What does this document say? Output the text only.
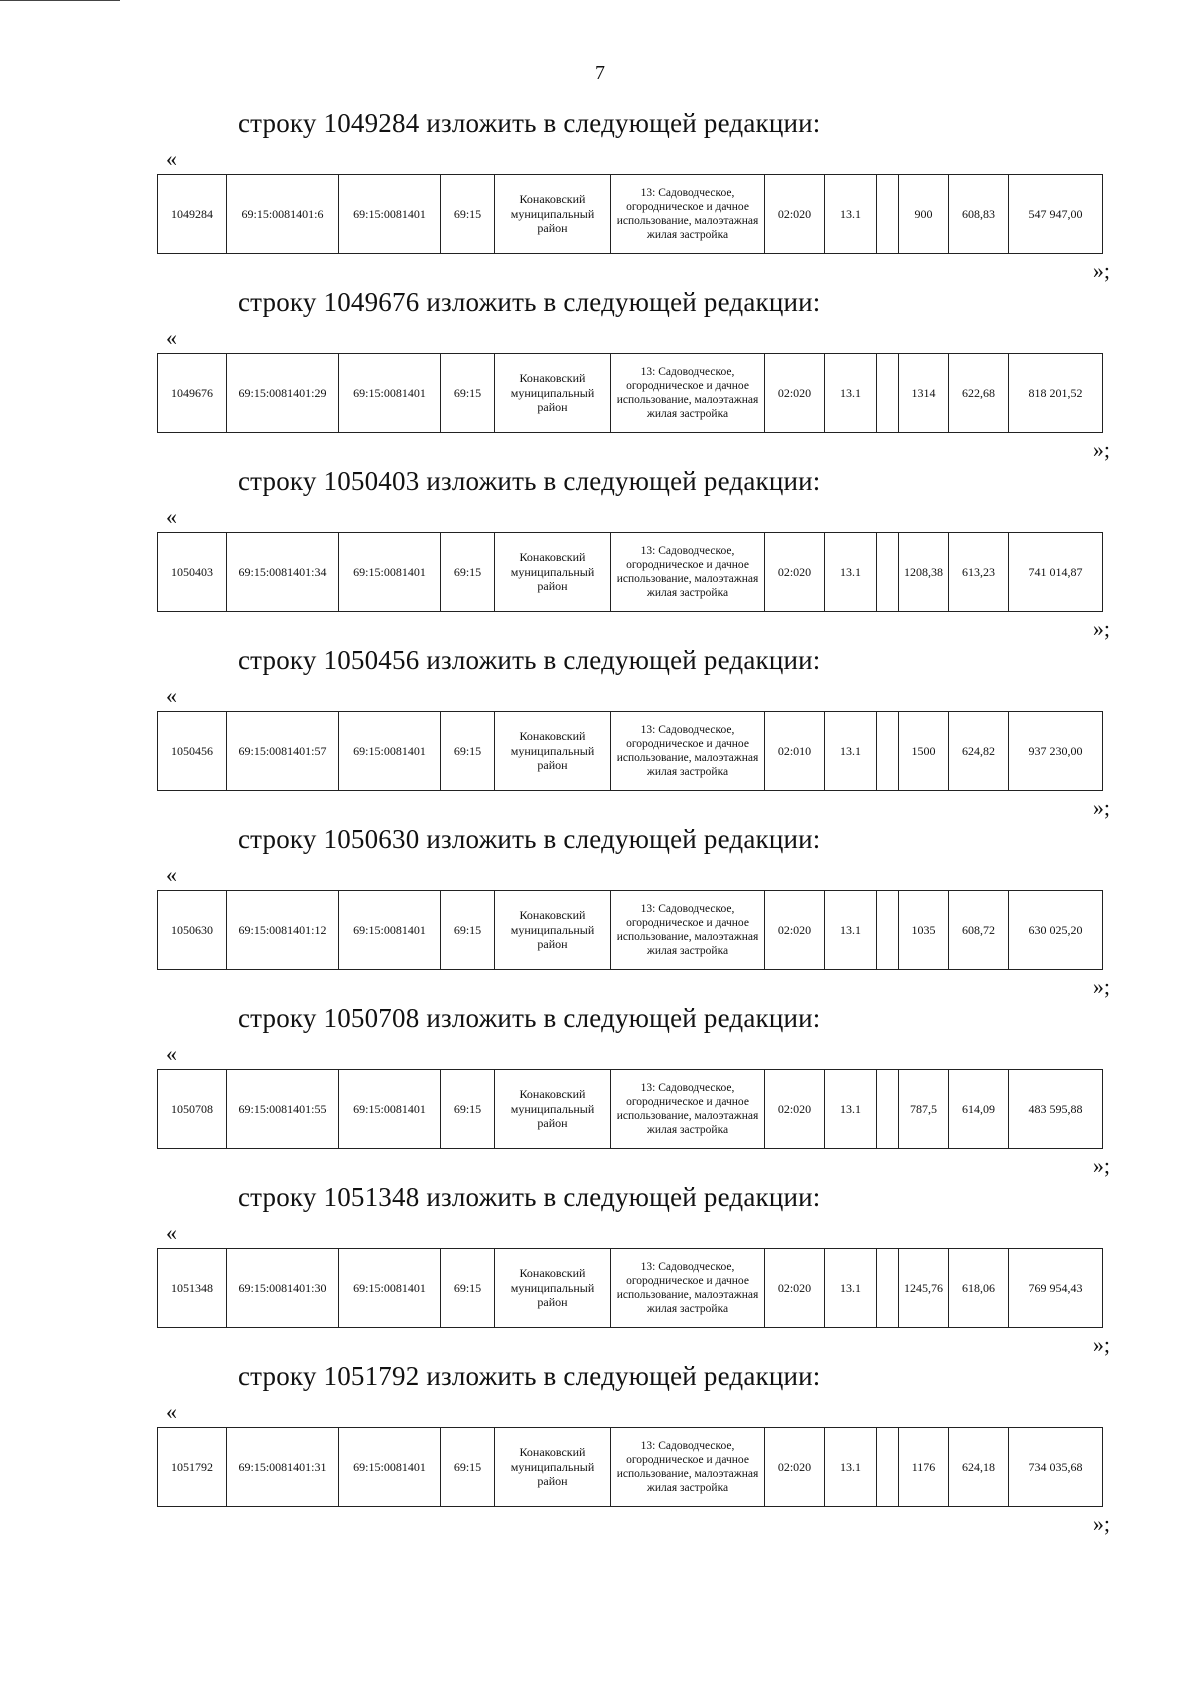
7
строку 1049284 изложить в следующей редакции:
«
1049284	69:15:0081401:6	69:15:0081401	69:15	Конаковский муниципальный район	13: Садоводческое, огородническое и дачное использование, малоэтажная жилая застройка	02:020	13.1		900	608,83	547 947,00
»;
строку 1049676 изложить в следующей редакции:
«
1049676	69:15:0081401:29	69:15:0081401	69:15	Конаковский муниципальный район	13: Садоводческое, огородническое и дачное использование, малоэтажная жилая застройка	02:020	13.1		1314	622,68	818 201,52
»;
строку 1050403 изложить в следующей редакции:
«
1050403	69:15:0081401:34	69:15:0081401	69:15	Конаковский муниципальный район	13: Садоводческое, огородническое и дачное использование, малоэтажная жилая застройка	02:020	13.1		1208,38	613,23	741 014,87
»;
строку 1050456 изложить в следующей редакции:
«
1050456	69:15:0081401:57	69:15:0081401	69:15	Конаковский муниципальный район	13: Садоводческое, огородническое и дачное использование, малоэтажная жилая застройка	02:010	13.1		1500	624,82	937 230,00
»;
строку 1050630 изложить в следующей редакции:
«
1050630	69:15:0081401:12	69:15:0081401	69:15	Конаковский муниципальный район	13: Садоводческое, огородническое и дачное использование, малоэтажная жилая застройка	02:020	13.1		1035	608,72	630 025,20
»;
строку 1050708 изложить в следующей редакции:
«
1050708	69:15:0081401:55	69:15:0081401	69:15	Конаковский муниципальный район	13: Садоводческое, огородническое и дачное использование, малоэтажная жилая застройка	02:020	13.1		787,5	614,09	483 595,88
»;
строку 1051348 изложить в следующей редакции:
«
1051348	69:15:0081401:30	69:15:0081401	69:15	Конаковский муниципальный район	13: Садоводческое, огородническое и дачное использование, малоэтажная жилая застройка	02:020	13.1		1245,76	618,06	769 954,43
»;
строку 1051792 изложить в следующей редакции:
«
1051792	69:15:0081401:31	69:15:0081401	69:15	Конаковский муниципальный район	13: Садоводческое, огородническое и дачное использование, малоэтажная жилая застройка	02:020	13.1		1176	624,18	734 035,68
»;
